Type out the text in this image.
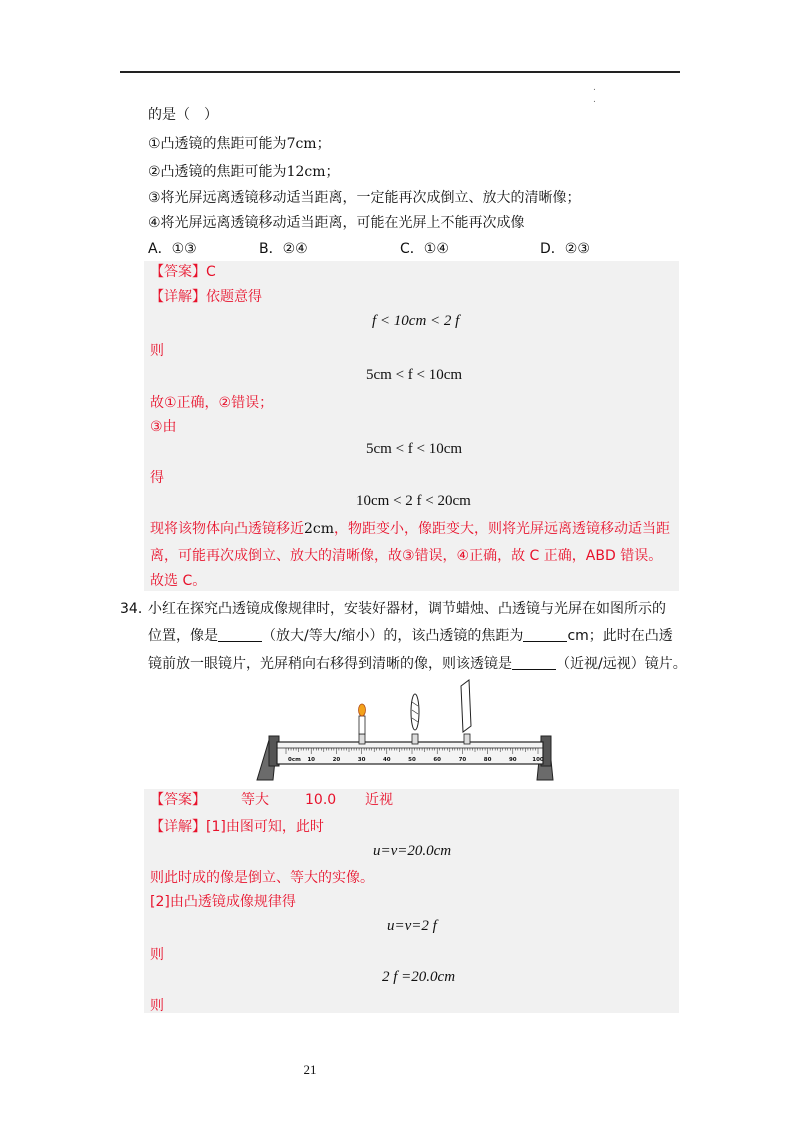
.
.
的是（　）
①凸透镜的焦距可能为7cm；
②凸透镜的焦距可能为12cm；
③将光屏远离透镜移动适当距离，一定能再次成倒立、放大的清晰像；
④将光屏远离透镜移动适当距离，可能在光屏上不能再次成像
A．①③	B．②④	C．①④	D．②③
【答案】C
【详解】依题意得
f < 10cm < 2 f
则
5cm < f < 10cm
故①正确，②错误；
③由
5cm < f < 10cm
得
10cm < 2 f < 20cm
现将该物体向凸透镜移近2cm，物距变小，像距变大，则将光屏远离透镜移动适当距
离，可能再次成倒立、放大的清晰像，故③错误，④正确，故 C 正确，ABD 错误。
故选 C。
34．
小红在探究凸透镜成像规律时，安装好器材，调节蜡烛、凸透镜与光屏在如图所示的
位置，像是	（放大/等大/缩小）的，该凸透镜的焦距为	cm；此时在凸透
镜前放一眼镜片，光屏稍向右移得到清晰的像，则该透镜是	（近视/远视）镜片。
0cm 10	20	30	40	50	60	70	80	90	100
【答案】	等大	10.0 近视
【详解】[1]由图可知，此时
u=v=20.0cm
则此时成的像是倒立、等大的实像。
[2]由凸透镜成像规律得
u=v=2 f
则
2 f =20.0cm
则
21
